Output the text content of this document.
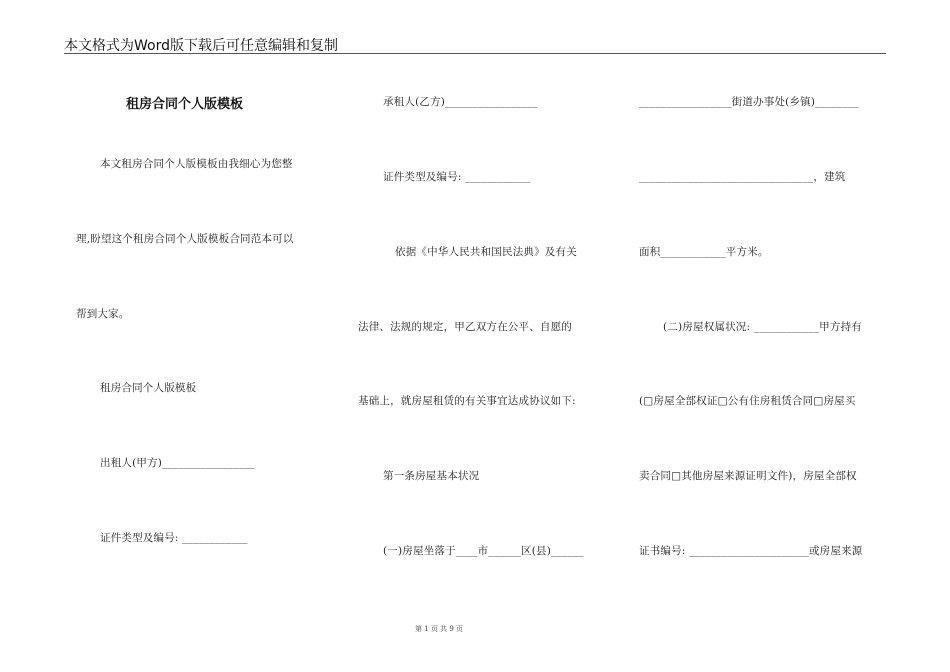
本文格式为Word版下载后可任意编辑和复制
租房合同个人版模板
本文租房合同个人版模板由我细心为您整
理,盼望这个租房合同个人版模板合同范本可以
帮到大家。
租房合同个人版模板
出租人(甲方)_________________
证件类型及编号: ____________
承租人(乙方)_________________
证件类型及编号: ____________
依据《中华人民共和国民法典》及有关
法律、法规的规定，甲乙双方在公平、自愿的
基础上，就房屋租赁的有关事宜达成协议如下:
第一条房屋基本状况
(一)房屋坐落于____市______区(县)______
_________________街道办事处(乡镇)________
________________________________，建筑
面积____________平方米。
(二)房屋权属状况: ____________甲方持有
(□房屋全部权证□公有住房租赁合同□房屋买
卖合同□其他房屋来源证明文件)，房屋全部权
证书编号: ______________________或房屋来源
第 1 页 共 9 页
